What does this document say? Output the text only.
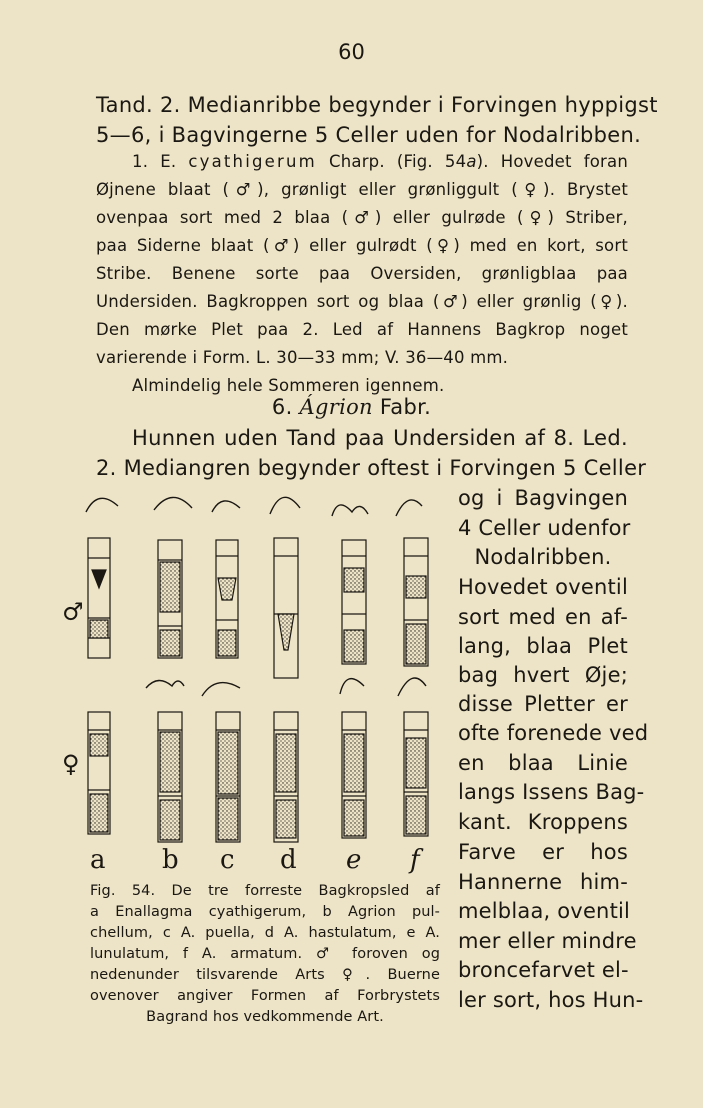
60
Tand. 2. Medianribbe begynder i Forvingen hyppigst
5—6, i Bagvingerne 5 Celler uden for Nodalribben.
1. E. cyathigerum Charp. (Fig. 54a). Hovedet foran
Øjnene blaat (♂), grønligt eller grønliggult (♀). Brystet
ovenpaa sort med 2 blaa (♂) eller gulrøde (♀) Striber,
paa Siderne blaat (♂) eller gulrødt (♀) med en kort, sort
Stribe. Benene sorte paa Oversiden, grønligblaa paa
Undersiden. Bagkroppen sort og blaa (♂) eller grønlig (♀).
Den mørke Plet paa 2. Led af Hannens Bagkrop noget
varierende i Form. L. 30—33 mm; V. 36—40 mm.
Almindelig hele Sommeren igennem.
6. Ágrion Fabr.
Hunnen uden Tand paa Undersiden af 8. Led.
2. Mediangren begynder oftest i Forvingen 5 Celler
og i Bagvingen
4 Celler udenfor
Nodalribben.
Hovedet oventil
sort med en af-
lang, blaa Plet
bag hvert Øje;
disse Pletter er
ofte forenede ved
en blaa Linie
langs Issens Bag-
kant. Kroppens
Farve er hos
Hannerne him-
melblaa, oventil
mer eller mindre
broncefarvet el-
ler sort, hos Hun-
♂
♀
a b c d e f
Fig. 54. De tre forreste Bagkropsled af
a Enallagma cyathigerum, b Agrion pul-
chellum, c A. puella, d A. hastulatum, e A.
lunulatum, f A. armatum. ♂ foroven og
nedenunder tilsvarende Arts ♀. Buerne
ovenover angiver Formen af Forbrystets
Bagrand hos vedkommende Art.
